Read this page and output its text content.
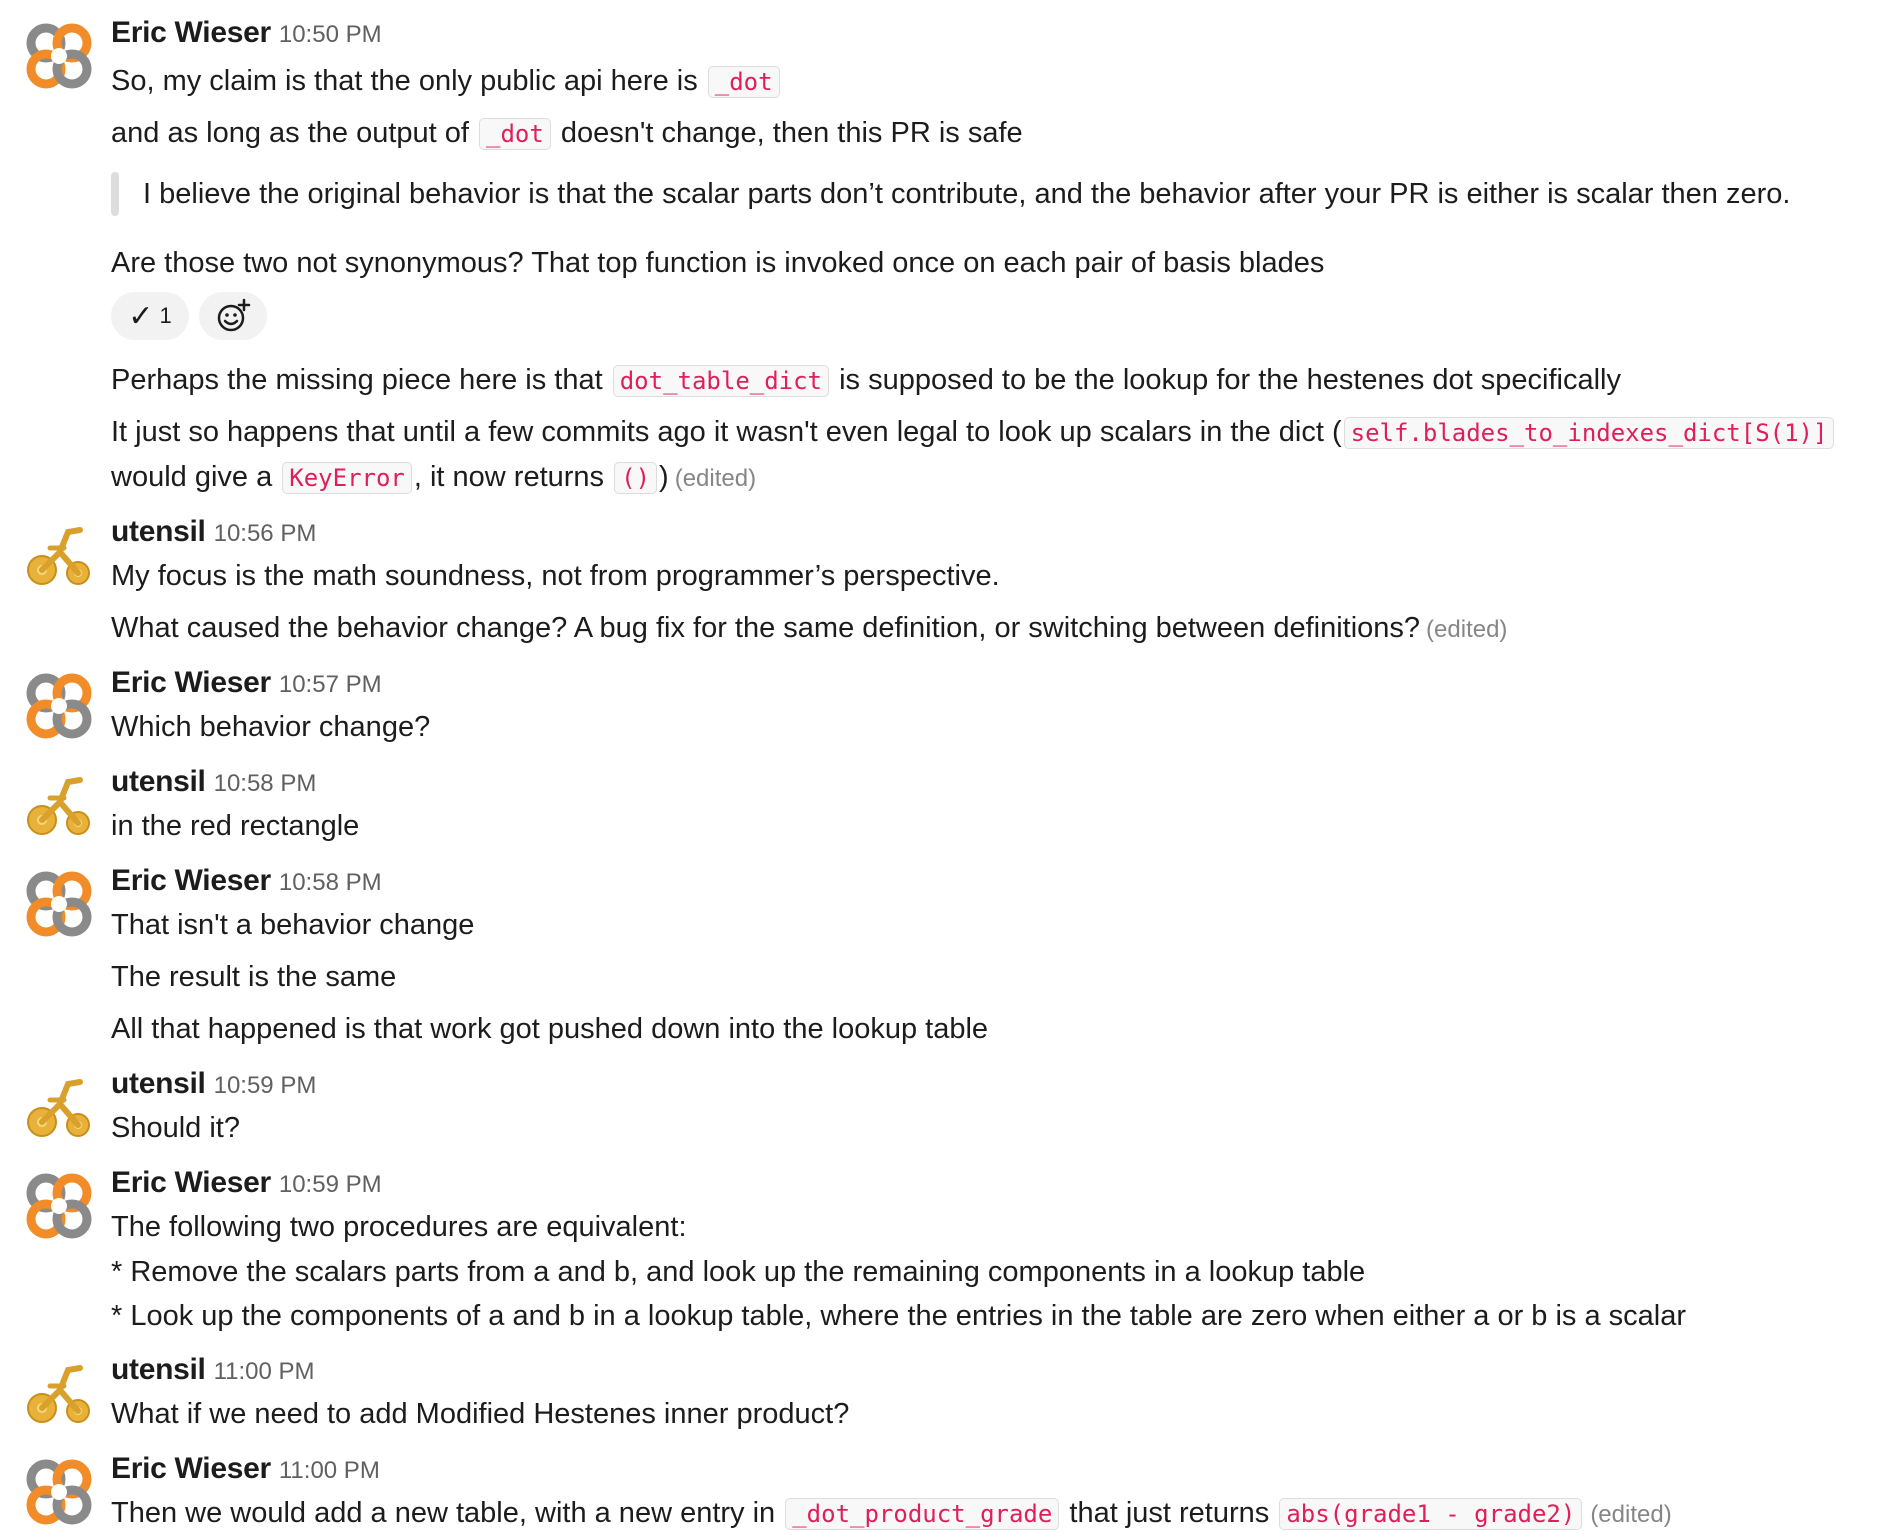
Eric Wieser 10:50 PM
So, my claim is that the only public api here is _dot
and as long as the output of _dot doesn't change, then this PR is safe
I believe the original behavior is that the scalar parts don’t contribute, and the behavior after your PR is either is scalar then zero.
Are those two not synonymous? That top function is invoked once on each pair of basis blades
✓ 1
Perhaps the missing piece here is that dot_table_dict is supposed to be the lookup for the hestenes dot specifically
It just so happens that until a few commits ago it wasn't even legal to look up scalars in the dict ( self.blades_to_indexes_dict[S(1)]
would give a KeyError , it now returns () ) (edited)
utensil 10:56 PM
My focus is the math soundness, not from programmer’s perspective.
What caused the behavior change? A bug fix for the same definition, or switching between definitions? (edited)
Eric Wieser 10:57 PM
Which behavior change?
utensil 10:58 PM
in the red rectangle
Eric Wieser 10:58 PM
That isn't a behavior change
The result is the same
All that happened is that work got pushed down into the lookup table
utensil 10:59 PM
Should it?
Eric Wieser 10:59 PM
The following two procedures are equivalent:
* Remove the scalars parts from a and b, and look up the remaining components in a lookup table
* Look up the components of a and b in a lookup table, where the entries in the table are zero when either a or b is a scalar
utensil 11:00 PM
What if we need to add Modified Hestenes inner product?
Eric Wieser 11:00 PM
Then we would add a new table, with a new entry in _dot_product_grade that just returns abs(grade1 - grade2) (edited)
